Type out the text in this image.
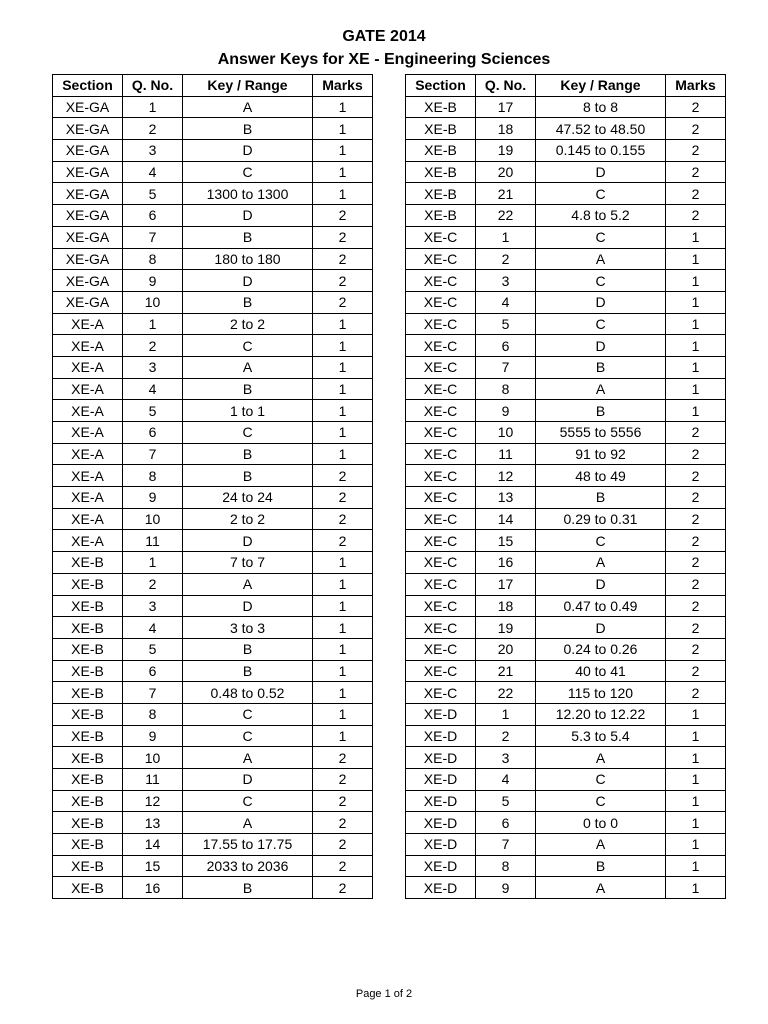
GATE 2014
Answer Keys for XE - Engineering Sciences
Section	Q. No.	Key / Range	Marks
XE-GA	1	A	1
XE-GA	2	B	1
XE-GA	3	D	1
XE-GA	4	C	1
XE-GA	5	1300 to 1300	1
XE-GA	6	D	2
XE-GA	7	B	2
XE-GA	8	180 to 180	2
XE-GA	9	D	2
XE-GA	10	B	2
XE-A	1	2 to 2	1
XE-A	2	C	1
XE-A	3	A	1
XE-A	4	B	1
XE-A	5	1 to 1	1
XE-A	6	C	1
XE-A	7	B	1
XE-A	8	B	2
XE-A	9	24 to 24	2
XE-A	10	2 to 2	2
XE-A	11	D	2
XE-B	1	7 to 7	1
XE-B	2	A	1
XE-B	3	D	1
XE-B	4	3 to 3	1
XE-B	5	B	1
XE-B	6	B	1
XE-B	7	0.48 to 0.52	1
XE-B	8	C	1
XE-B	9	C	1
XE-B	10	A	2
XE-B	11	D	2
XE-B	12	C	2
XE-B	13	A	2
XE-B	14	17.55 to 17.75	2
XE-B	15	2033 to 2036	2
XE-B	16	B	2
Section	Q. No.	Key / Range	Marks
XE-B	17	8 to 8	2
XE-B	18	47.52 to 48.50	2
XE-B	19	0.145 to 0.155	2
XE-B	20	D	2
XE-B	21	C	2
XE-B	22	4.8 to 5.2	2
XE-C	1	C	1
XE-C	2	A	1
XE-C	3	C	1
XE-C	4	D	1
XE-C	5	C	1
XE-C	6	D	1
XE-C	7	B	1
XE-C	8	A	1
XE-C	9	B	1
XE-C	10	5555 to 5556	2
XE-C	11	91 to 92	2
XE-C	12	48 to 49	2
XE-C	13	B	2
XE-C	14	0.29 to 0.31	2
XE-C	15	C	2
XE-C	16	A	2
XE-C	17	D	2
XE-C	18	0.47 to 0.49	2
XE-C	19	D	2
XE-C	20	0.24 to 0.26	2
XE-C	21	40 to 41	2
XE-C	22	115 to 120	2
XE-D	1	12.20 to 12.22	1
XE-D	2	5.3 to 5.4	1
XE-D	3	A	1
XE-D	4	C	1
XE-D	5	C	1
XE-D	6	0 to 0	1
XE-D	7	A	1
XE-D	8	B	1
XE-D	9	A	1
Page 1 of 2
